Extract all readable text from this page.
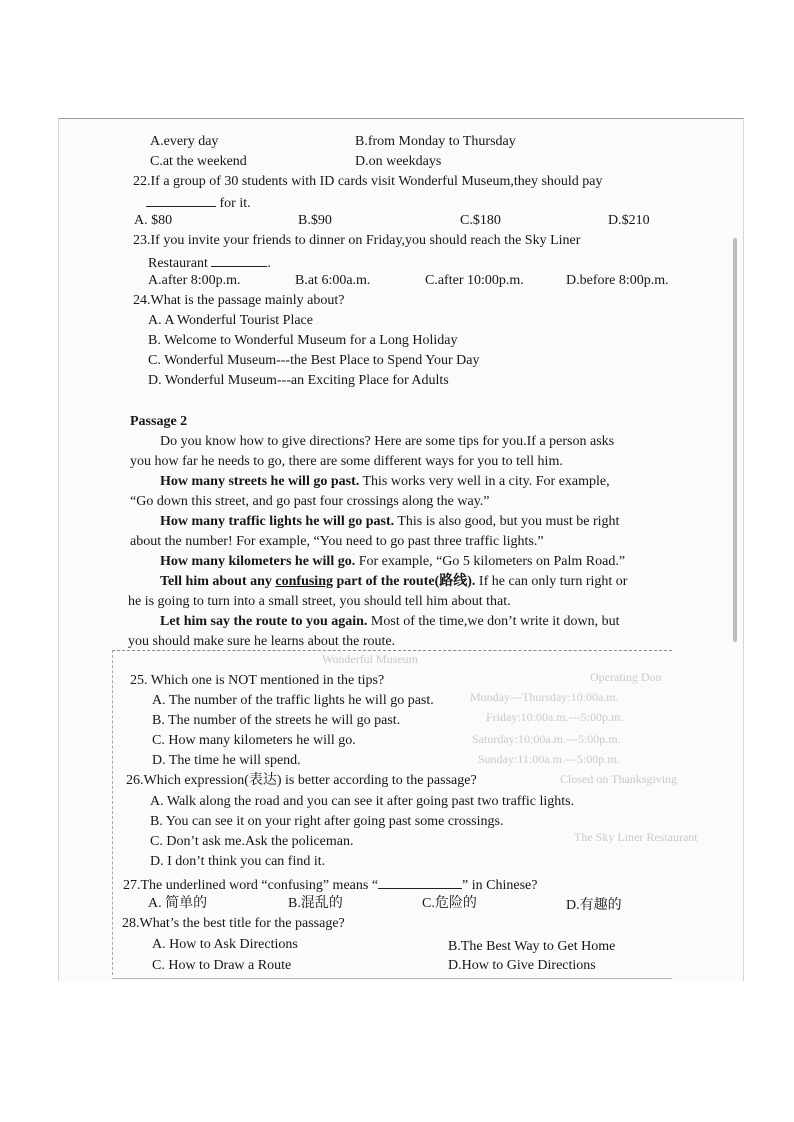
Operating Don
Monday---Thursday:10:00a.m.
Friday:10:00a.m.---5:00p.m.
Saturday:10:00a.m.---5:00p.m.
Sunday:11:00a.m.---5:00p.m.
Closed on Thanksgiving
The Sky Liner Restaurant
Wonderful Museum
A.every day	B.from Monday to Thursday
C.at the weekend	D.on weekdays
22.If a group of 30 students with ID cards visit Wonderful Museum,they should pay
for it.
A. $80	B.$90	C.$180	D.$210
23.If you invite your friends to dinner on Friday,you should reach the Sky Liner
Restaurant	.
A.after 8:00p.m.	B.at 6:00a.m.	C.after 10:00p.m.	D.before 8:00p.m.
24.What is the passage mainly about?
A. A Wonderful Tourist Place
B. Welcome to Wonderful Museum for a Long Holiday
C. Wonderful Museum---the Best Place to Spend Your Day
D. Wonderful Museum---an Exciting Place for Adults
Passage 2
Do you know how to give directions? Here are some tips for you.If a person asks
you how far he needs to go, there are some different ways for you to tell him.
How many streets he will go past. This works very well in a city. For example,
“Go down this street, and go past four crossings along the way.”
How many traffic lights he will go past. This is also good, but you must be right
about the number! For example, “You need to go past three traffic lights.”
How many kilometers he will go. For example, “Go 5 kilometers on Palm Road.”
Tell him about any confusing part of the route(路线). If he can only turn right or
he is going to turn into a small street, you should tell him about that.
Let him say the route to you again. Most of the time,we don’t write it down, but
you should make sure he learns about the route.
25. Which one is NOT mentioned in the tips?
A. The number of the traffic lights he will go past.
B. The number of the streets he will go past.
C. How many kilometers he will go.
D. The time he will spend.
26.Which expression(表达) is better according to the passage?
A. Walk along the road and you can see it after going past two traffic lights.
B. You can see it on your right after going past some crossings.
C. Don’t ask me.Ask the policeman.
D. I don’t think you can find it.
27.The underlined word “confusing” means “	” in Chinese?
A. 简单的	B.混乱的	C.危险的	D.有趣的
28.What’s the best title for the passage?
A. How to Ask Directions	B.The Best Way to Get Home
C. How to Draw a Route	D.How to Give Directions
